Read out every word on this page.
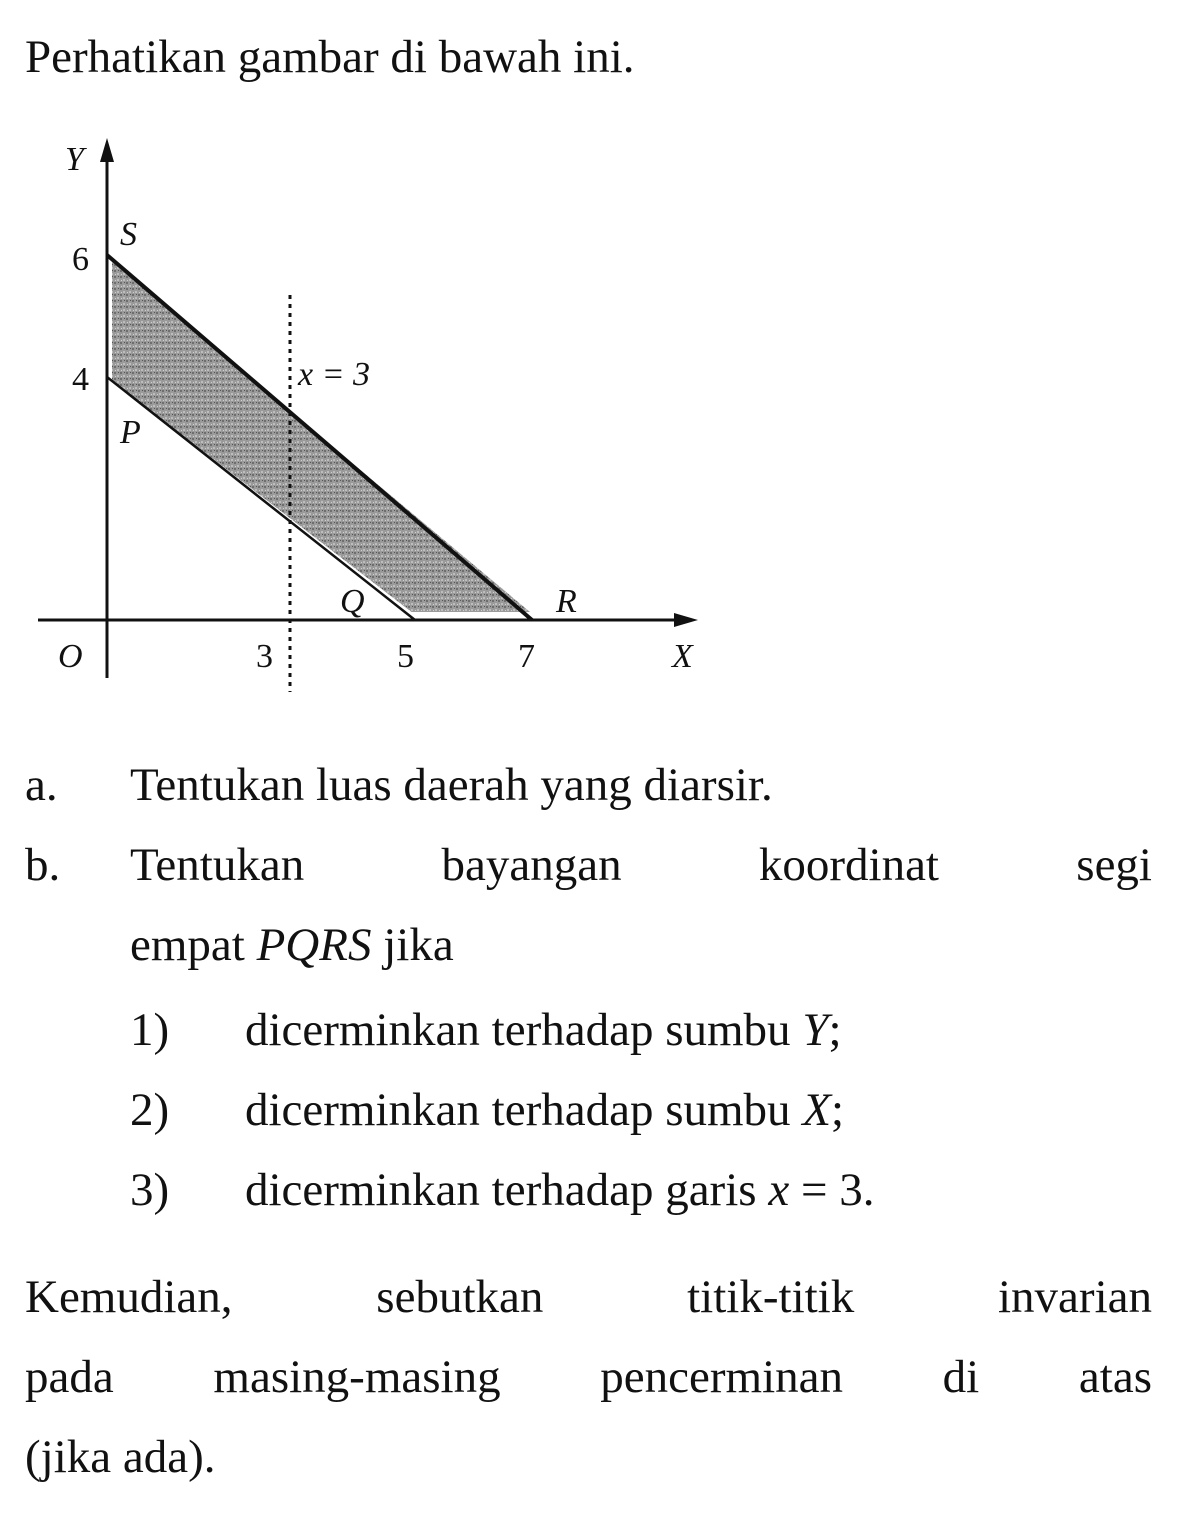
Perhatikan gambar di bawah ini.
Y
S
6
4	x = 3
P
Q	R
O	3	5	7	X
a. Tentukan luas daerah yang diarsir.
b. Tentukan bayangan koordinat segi
empat PQRS jika
1) dicerminkan terhadap sumbu Y;
2) dicerminkan terhadap sumbu X;
3) dicerminkan terhadap garis x = 3.
Kemudian, sebutkan titik-titik invarian
pada masing-masing pencerminan di atas
(jika ada).
